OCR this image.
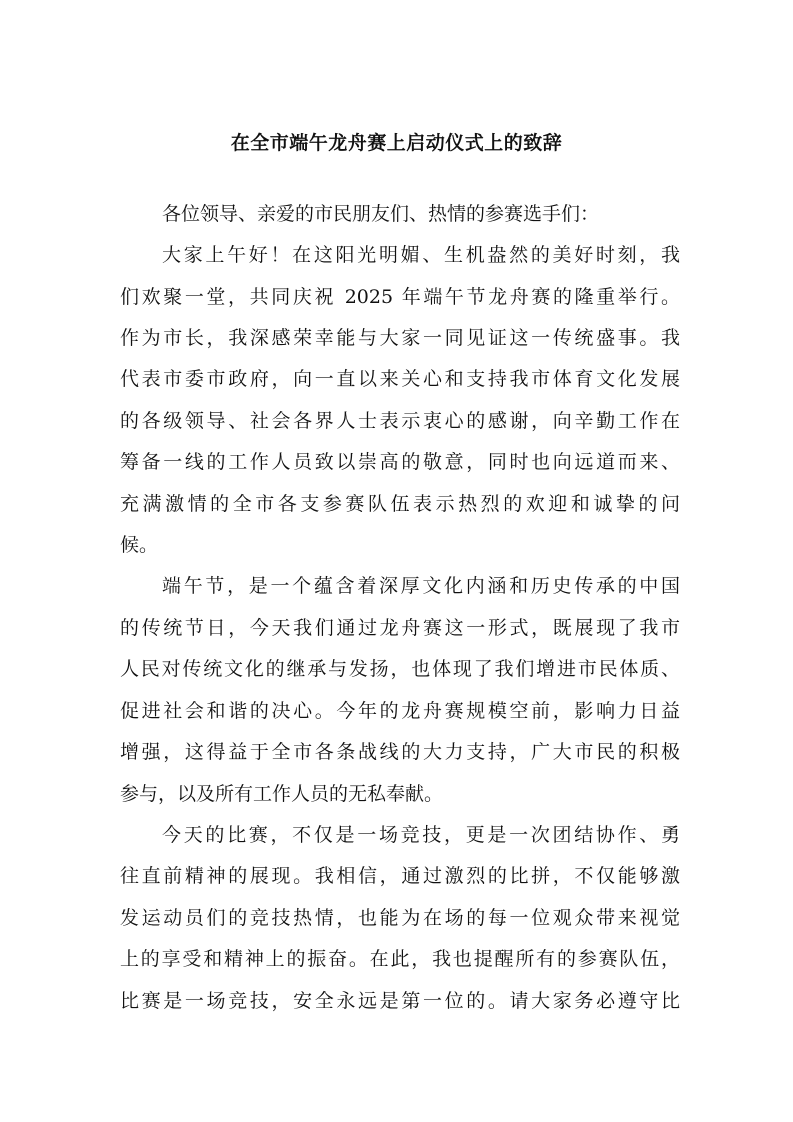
在全市端午龙舟赛上启动仪式上的致辞

各位领导、亲爱的市民朋友们、热情的参赛选手们：

大家上午好！在这阳光明媚、生机盎然的美好时刻，我

们欢聚一堂，共同庆祝 2025 年端午节龙舟赛的隆重举行。

作为市长，我深感荣幸能与大家一同见证这一传统盛事。我

代表市委市政府，向一直以来关心和支持我市体育文化发展

的各级领导、社会各界人士表示衷心的感谢，向辛勤工作在

筹备一线的工作人员致以崇高的敬意，同时也向远道而来、

充满激情的全市各支参赛队伍表示热烈的欢迎和诚挚的问

候。

端午节，是一个蕴含着深厚文化内涵和历史传承的中国

的传统节日，今天我们通过龙舟赛这一形式，既展现了我市

人民对传统文化的继承与发扬，也体现了我们增进市民体质、

促进社会和谐的决心。今年的龙舟赛规模空前，影响力日益

增强，这得益于全市各条战线的大力支持，广大市民的积极

参与，以及所有工作人员的无私奉献。

今天的比赛，不仅是一场竞技，更是一次团结协作、勇

往直前精神的展现。我相信，通过激烈的比拼，不仅能够激

发运动员们的竞技热情，也能为在场的每一位观众带来视觉

上的享受和精神上的振奋。在此，我也提醒所有的参赛队伍，

比赛是一场竞技，安全永远是第一位的。请大家务必遵守比
